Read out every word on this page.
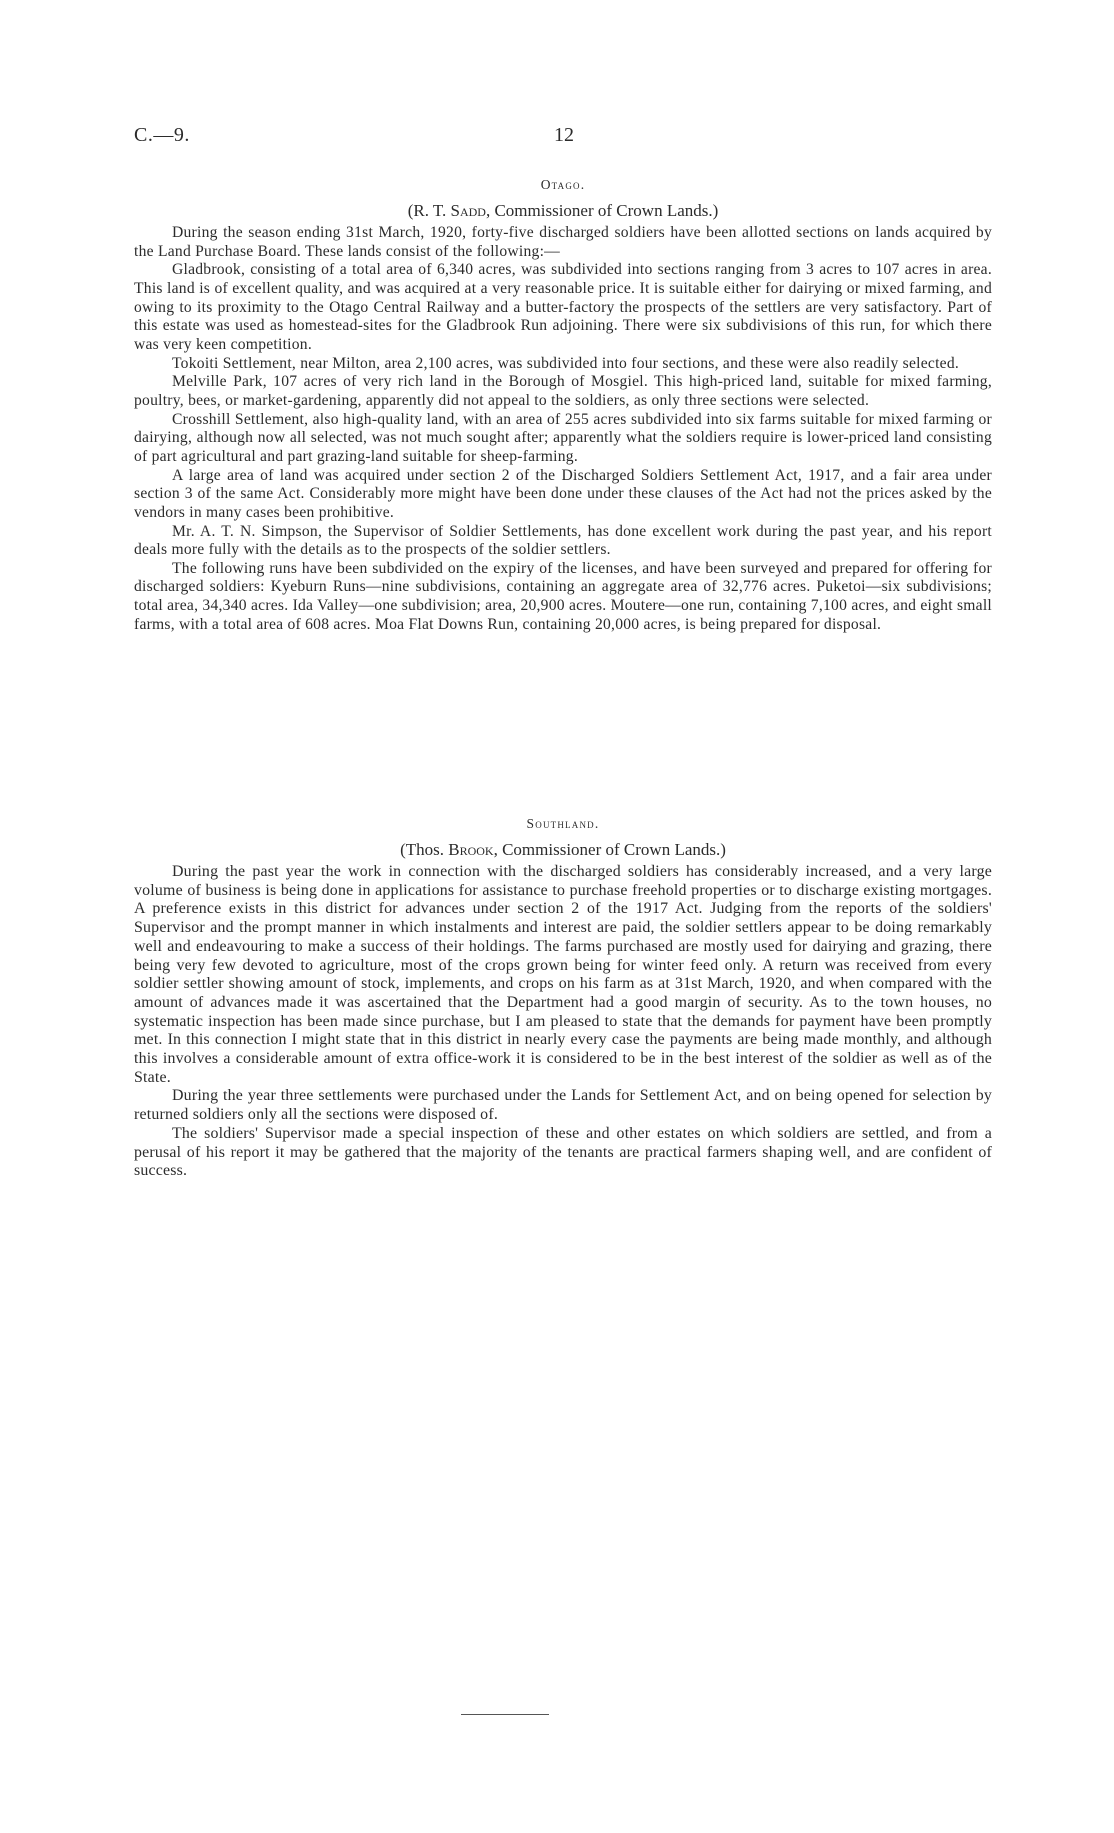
C.—9.	12
Otago.
(R. T. Sadd, Commissioner of Crown Lands.)

During the season ending 31st March, 1920, forty-five discharged soldiers have been allotted sections on lands acquired by the Land Purchase Board. These lands consist of the following:—

Gladbrook, consisting of a total area of 6,340 acres, was subdivided into sections ranging from 3 acres to 107 acres in area. This land is of excellent quality, and was acquired at a very reasonable price. It is suitable either for dairying or mixed farming, and owing to its proximity to the Otago Central Railway and a butter-factory the prospects of the settlers are very satisfactory. Part of this estate was used as homestead-sites for the Gladbrook Run adjoining. There were six subdivisions of this run, for which there was very keen competition.

Tokoiti Settlement, near Milton, area 2,100 acres, was subdivided into four sections, and these were also readily selected.

Melville Park, 107 acres of very rich land in the Borough of Mosgiel. This high-priced land, suitable for mixed farming, poultry, bees, or market-gardening, apparently did not appeal to the soldiers, as only three sections were selected.

Crosshill Settlement, also high-quality land, with an area of 255 acres subdivided into six farms suitable for mixed farming or dairying, although now all selected, was not much sought after; apparently what the soldiers require is lower-priced land consisting of part agricultural and part grazing-land suitable for sheep-farming.

A large area of land was acquired under section 2 of the Discharged Soldiers Settlement Act, 1917, and a fair area under section 3 of the same Act. Considerably more might have been done under these clauses of the Act had not the prices asked by the vendors in many cases been prohibitive.

Mr. A. T. N. Simpson, the Supervisor of Soldier Settlements, has done excellent work during the past year, and his report deals more fully with the details as to the prospects of the soldier settlers.

The following runs have been subdivided on the expiry of the licenses, and have been surveyed and prepared for offering for discharged soldiers: Kyeburn Runs—nine subdivisions, containing an aggregate area of 32,776 acres. Puketoi—six subdivisions; total area, 34,340 acres. Ida Valley—one subdivision; area, 20,900 acres. Moutere—one run, containing 7,100 acres, and eight small farms, with a total area of 608 acres. Moa Flat Downs Run, containing 20,000 acres, is being prepared for disposal.

Southland.
(Thos. Brook, Commissioner of Crown Lands.)

During the past year the work in connection with the discharged soldiers has considerably increased, and a very large volume of business is being done in applications for assistance to purchase freehold properties or to discharge existing mortgages. A preference exists in this district for advances under section 2 of the 1917 Act. Judging from the reports of the soldiers' Supervisor and the prompt manner in which instalments and interest are paid, the soldier settlers appear to be doing remarkably well and endeavouring to make a success of their holdings. The farms purchased are mostly used for dairying and grazing, there being very few devoted to agriculture, most of the crops grown being for winter feed only. A return was received from every soldier settler showing amount of stock, implements, and crops on his farm as at 31st March, 1920, and when compared with the amount of advances made it was ascertained that the Department had a good margin of security. As to the town houses, no systematic inspection has been made since purchase, but I am pleased to state that the demands for payment have been promptly met. In this connection I might state that in this district in nearly every case the payments are being made monthly, and although this involves a considerable amount of extra office-work it is considered to be in the best interest of the soldier as well as of the State.

During the year three settlements were purchased under the Lands for Settlement Act, and on being opened for selection by returned soldiers only all the sections were disposed of.

The soldiers' Supervisor made a special inspection of these and other estates on which soldiers are settled, and from a perusal of his report it may be gathered that the majority of the tenants are practical farmers shaping well, and are confident of success.
